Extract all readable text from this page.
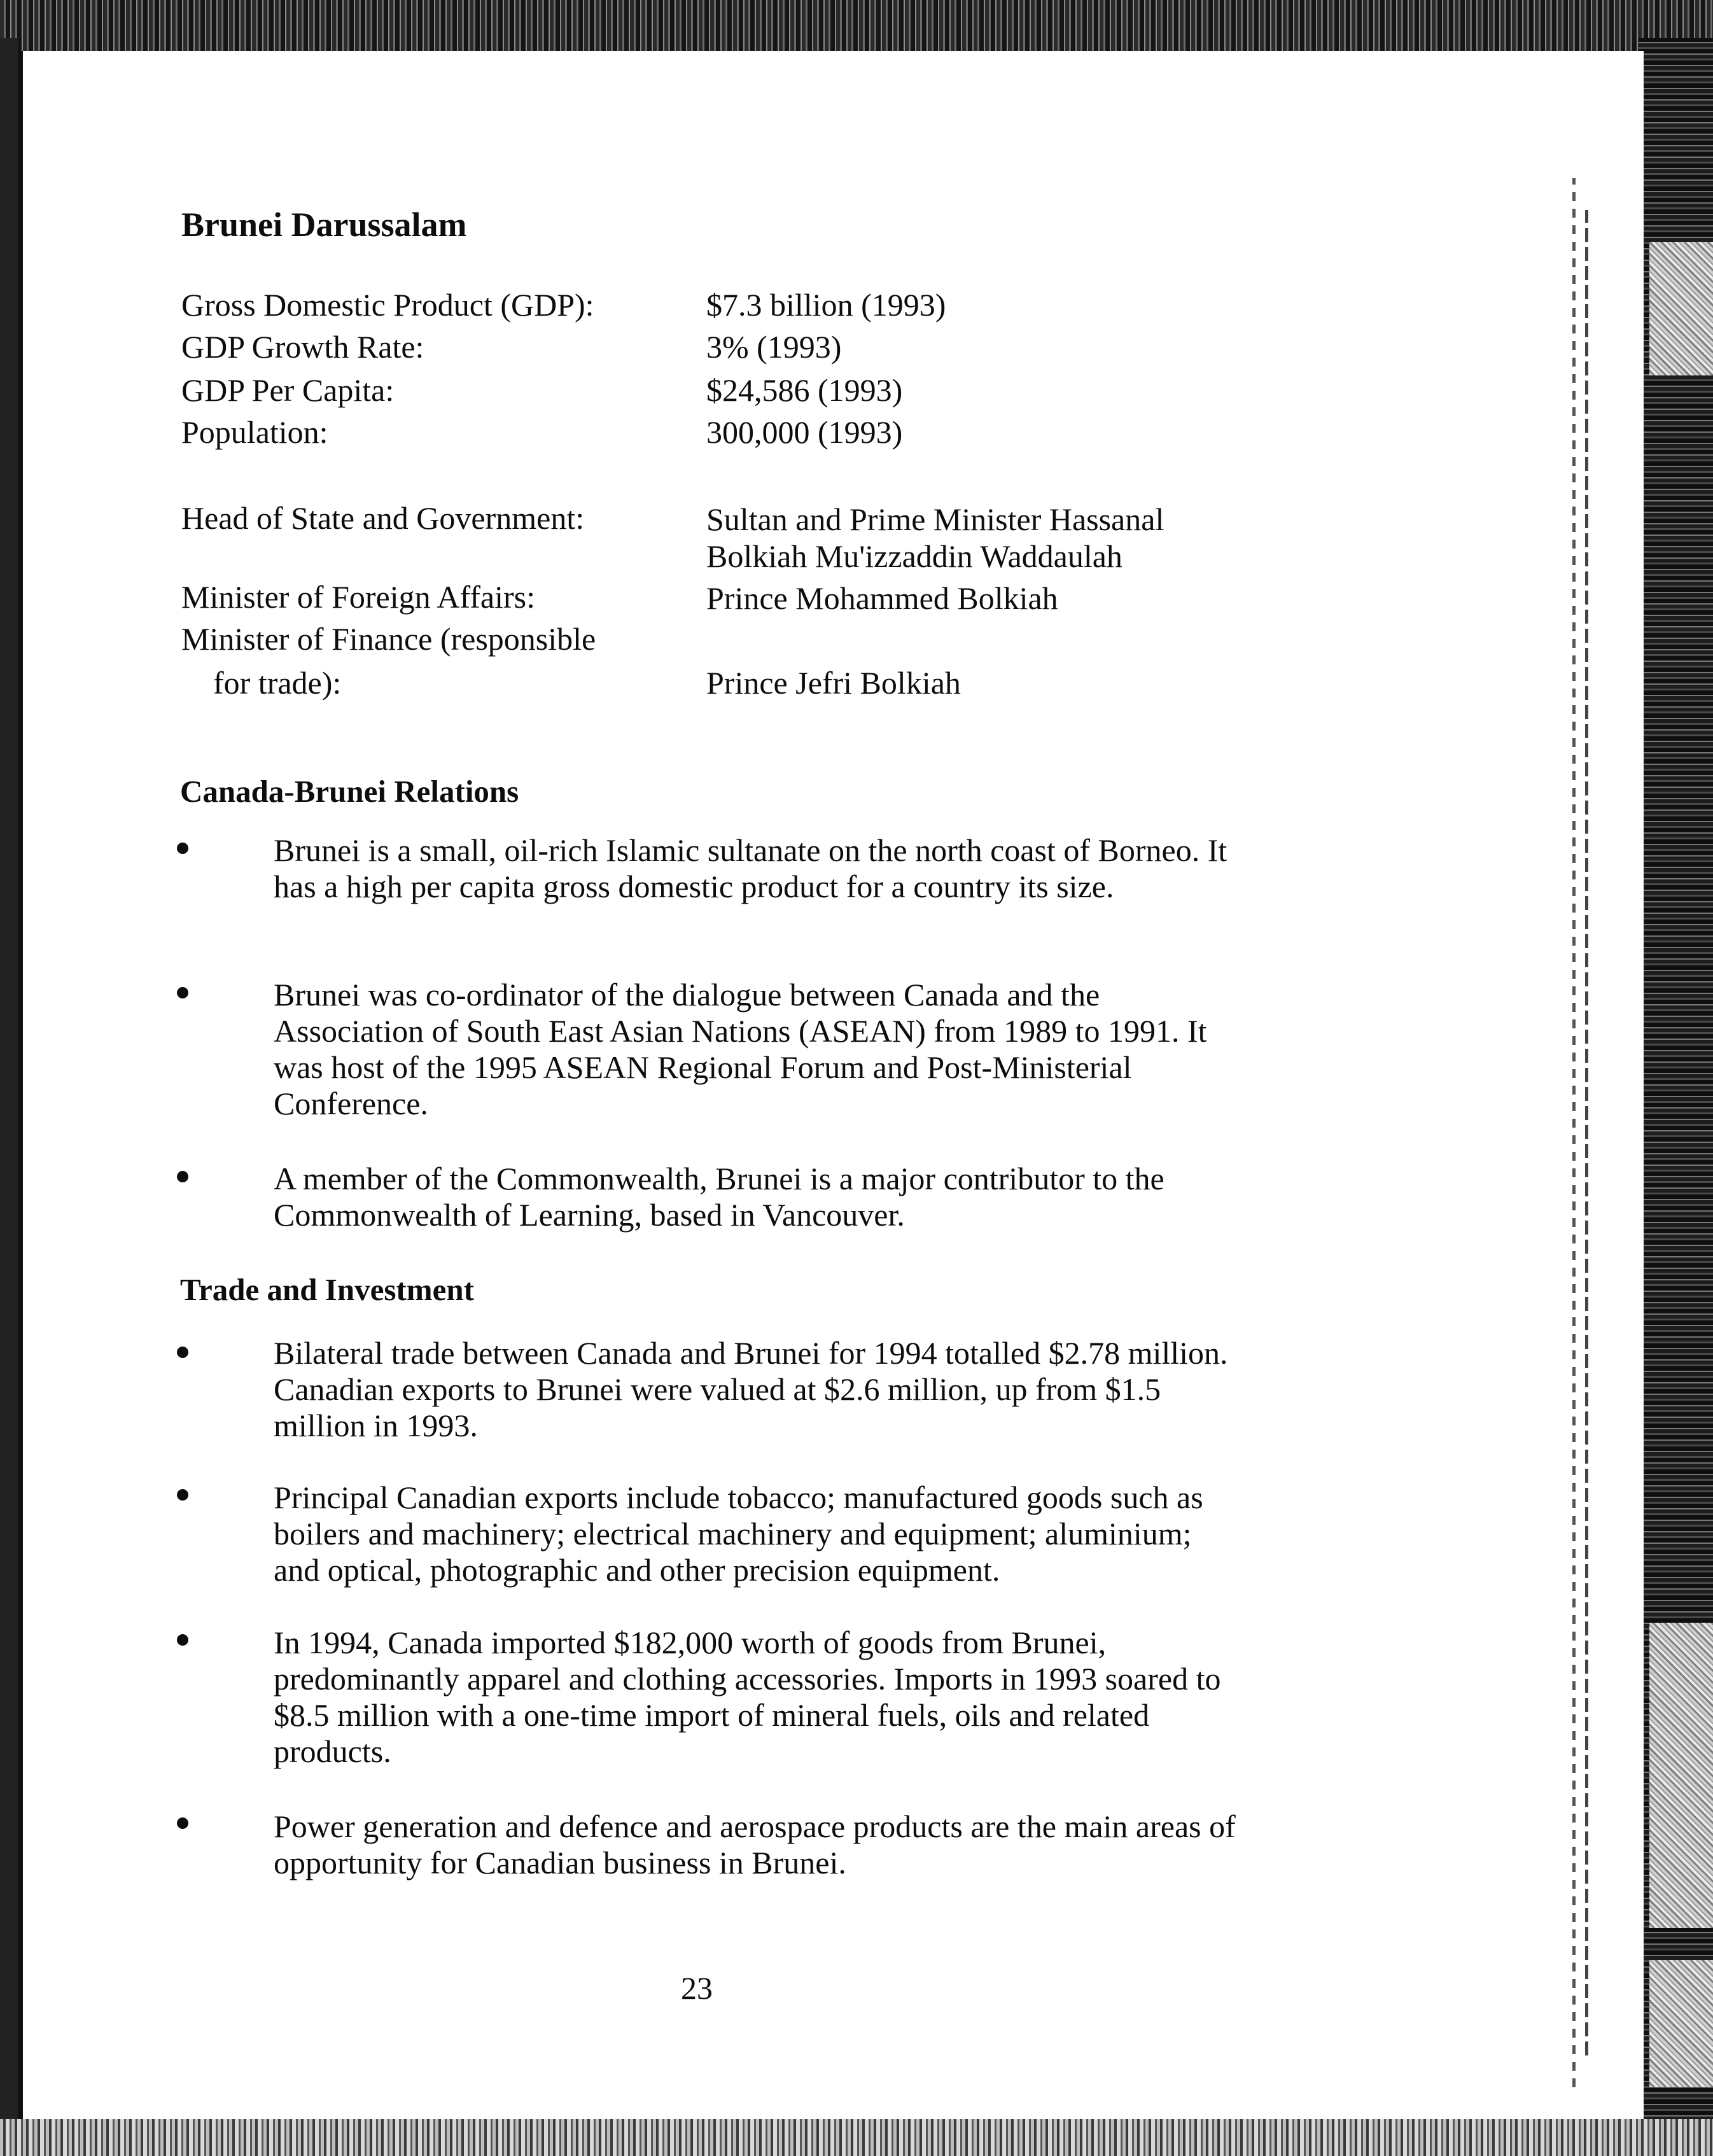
Brunei Darussalam
Gross Domestic Product (GDP):	$7.3 billion (1993)
GDP Growth Rate:	3% (1993)
GDP Per Capita:	$24,586 (1993)
Population:	300,000 (1993)
Head of State and Government:	Sultan and Prime Minister Hassanal
Bolkiah Mu'izzaddin Waddaulah
Minister of Foreign Affairs:	Prince Mohammed Bolkiah
Minister of Finance (responsible
for trade):	Prince Jefri Bolkiah
Canada-Brunei Relations
Brunei is a small, oil-rich Islamic sultanate on the north coast of Borneo. It has a high per capita gross domestic product for a country its size.
Brunei was co-ordinator of the dialogue between Canada and the Association of South East Asian Nations (ASEAN) from 1989 to 1991. It was host of the 1995 ASEAN Regional Forum and Post-Ministerial Conference.
A member of the Commonwealth, Brunei is a major contributor to the Commonwealth of Learning, based in Vancouver.
Trade and Investment
Bilateral trade between Canada and Brunei for 1994 totalled $2.78 million. Canadian exports to Brunei were valued at $2.6 million, up from $1.5 million in 1993.
Principal Canadian exports include tobacco; manufactured goods such as boilers and machinery; electrical machinery and equipment; aluminium; and optical, photographic and other precision equipment.
In 1994, Canada imported $182,000 worth of goods from Brunei, predominantly apparel and clothing accessories. Imports in 1993 soared to $8.5 million with a one-time import of mineral fuels, oils and related products.
Power generation and defence and aerospace products are the main areas of opportunity for Canadian business in Brunei.
23
